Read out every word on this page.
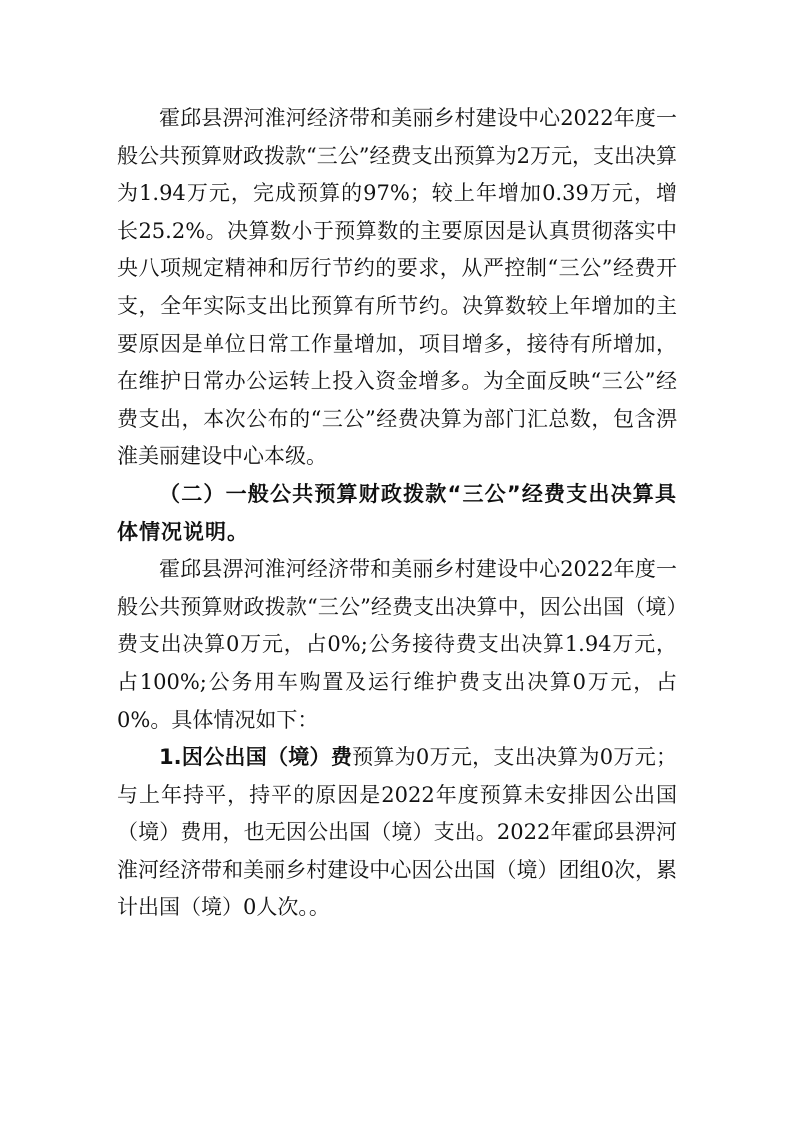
霍邱县淠河淮河经济带和美丽乡村建设中心2022年度一般公共预算财政拨款“三公”经费支出预算为2万元，支出决算为1.94万元，完成预算的97%；较上年增加0.39万元，增长25.2%。决算数小于预算数的主要原因是认真贯彻落实中央八项规定精神和厉行节约的要求，从严控制“三公”经费开支，全年实际支出比预算有所节约。决算数较上年增加的主要原因是单位日常工作量增加，项目增多，接待有所增加，在维护日常办公运转上投入资金增多。为全面反映“三公”经费支出，本次公布的“三公”经费决算为部门汇总数，包含淠淮美丽建设中心本级。

（二）一般公共预算财政拨款“三公”经费支出决算具体情况说明。

霍邱县淠河淮河经济带和美丽乡村建设中心2022年度一般公共预算财政拨款“三公”经费支出决算中，因公出国（境）费支出决算0万元，占0%;公务接待费支出决算1.94万元，占100%;公务用车购置及运行维护费支出决算0万元，占0%。具体情况如下：

1.因公出国（境）费预算为0万元，支出决算为0万元；与上年持平，持平的原因是2022年度预算未安排因公出国（境）费用，也无因公出国（境）支出。2022年霍邱县淠河淮河经济带和美丽乡村建设中心因公出国（境）团组0次，累计出国（境）0人次。。
